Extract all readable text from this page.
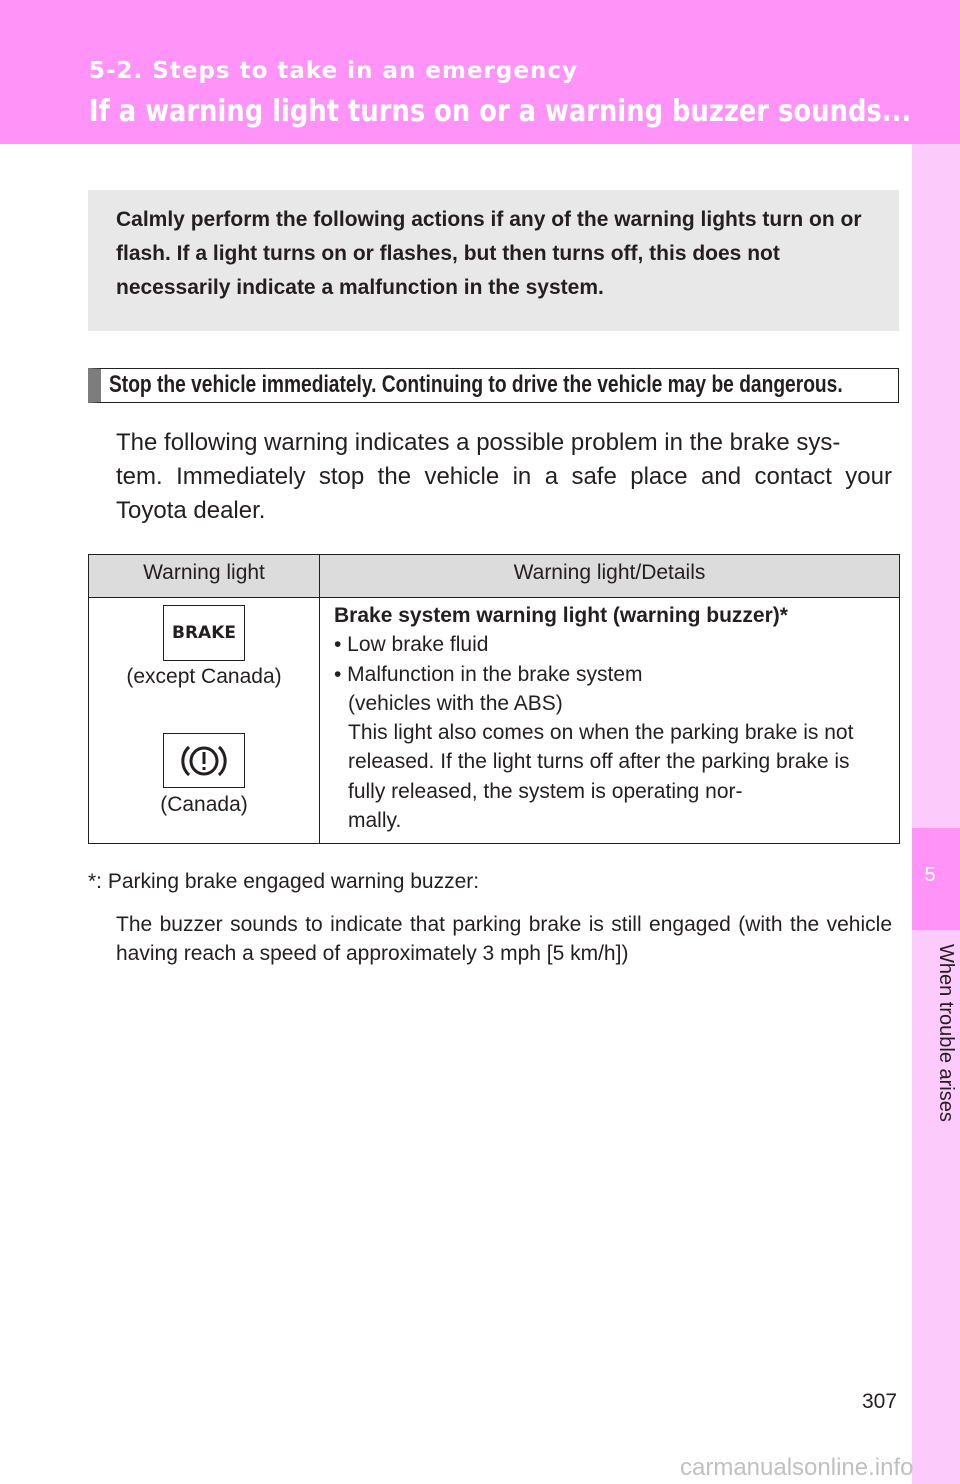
5-2. Steps to take in an emergency
If a warning light turns on or a warning buzzer sounds...
5
When trouble arises

Calmly perform the following actions if any of the warning lights turn on or flash. If a light turns on or flashes, but then turns off, this does not necessarily indicate a malfunction in the system.

Stop the vehicle immediately. Continuing to drive the vehicle may be dangerous.

The following warning indicates a possible problem in the brake sys-
tem. Immediately stop the vehicle in a safe place and contact your Toyota dealer.

Warning light	Warning light/Details
BRAKE
(except Canada)
(Canada)
Brake system warning light (warning buzzer)*
• Low brake fluid
• Malfunction in the brake system
(vehicles with the ABS)
This light also comes on when the parking brake is not released. If the light turns off after the parking brake is fully released, the system is operating nor-
mally.
*: Parking brake engaged warning buzzer:

The buzzer sounds to indicate that parking brake is still engaged (with the vehicle having reach a speed of approximately 3 mph [5 km/h])

307
carmanualsonline.info
